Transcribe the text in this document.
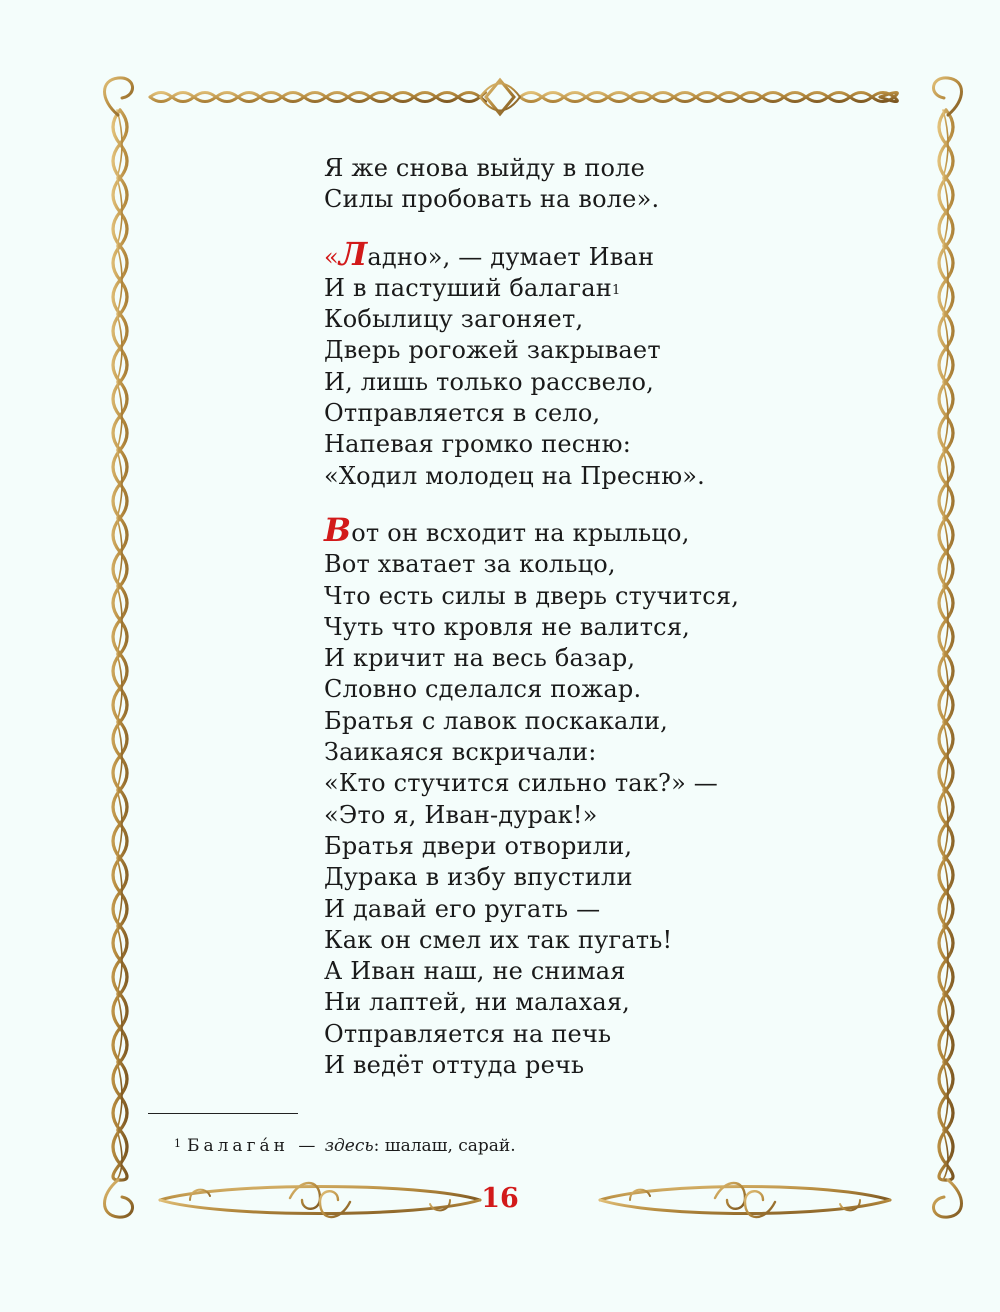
Я же снова выйду в поле
Силы пробовать на воле».
«Ладно», — думает Иван
И в пастуший балаган$^1$
Кобылицу загоняет,
Дверь рогожей закрывает
И, лишь только рассвело,
Отправляется в село,
Напевая громко песню:
«Ходил молодец на Пресню».
Вот он всходит на крыльцо,
Вот хватает за кольцо,
Что есть силы в дверь стучится,
Чуть что кровля не валится,
И кричит на весь базар,
Словно сделался пожар.
Братья с лавок поскакали,
Заикаяся вскричали:
«Кто стучится сильно так?» —
«Это я, Иван-дурак!»
Братья двери отворили,
Дурака в избу впустили
И давай его ругать —
Как он смел их так пугать!
А Иван наш, не снимая
Ни лаптей, ни малахая,
Отправляется на печь
И ведёт оттуда речь
$^1$ Балага́н — здесь: шалаш, сарай.
16
